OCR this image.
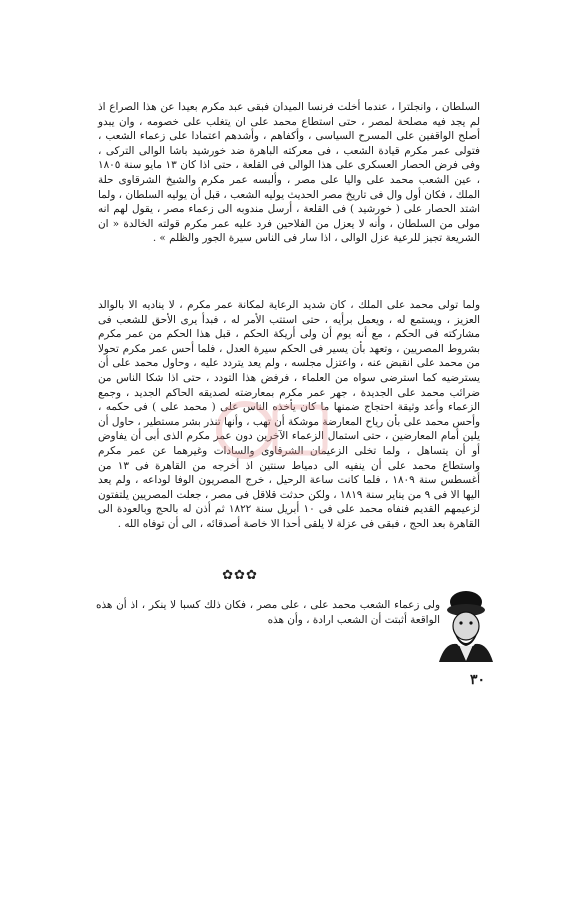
السلطان ، وانجلترا ، عندما أخلت فرنسا الميدان فبقى عبد مكرم بعيدا عن هذا الصراع اذ لم يجد فيه مصلحة لمصر ، حتى استطاع محمد على ان يتغلب على خصومه ، وان يبدو أصلح الواقفين على المسرح السياسى ، وأكفاهم ، وأشدهم اعتمادا على زعماء الشعب ، فتولى عمر مكرم قيادة الشعب ، فى معركته الباهرة ضد خورشيد باشا الوالى التركى ، وفى فرض الحصار العسكرى على هذا الوالى فى القلعة ، حتى اذا كان ١٣ مايو سنة ١٨٠٥ ، عين الشعب محمد على واليا على مصر ، وألبسه عمر مكرم والشيخ الشرقاوى حلة الملك ، فكان أول وال فى تاريخ مصر الحديث يوليه الشعب ، قبل أن يوليه السلطان ، ولما اشتد الحصار على ( خورشيد ) فى القلعة ، أرسل مندوبه الى زعماء مصر ، يقول لهم انه مولى من السلطان ، وأنه لا يعزل من الفلاحين فرد عليه عمر مكرم قولته الخالدة « ان الشريعة تجيز للرعية عزل الوالى ، اذا سار فى الناس سيرة الجور والظلم » .

ولما تولى محمد على الملك ، كان شديد الرعاية لمكانة عمر مكرم ، لا يناديه الا بالوالد العزيز ، ويستمع له ، ويعمل برأيه ، حتى استتب الأمر له ، فبدأ يرى الأحق للشعب فى مشاركته فى الحكم ، مع أنه يوم أن ولى أريكة الحكم ، قبل هذا الحكم من عمر مكرم بشروط المصريين ، وتعهد بأن يسير فى الحكم سيرة العدل ، فلما أحس عمر مكرم تحولا من محمد على انقبض عنه ، واعتزل مجلسه ، ولم يعد يتردد عليه ، وحاول محمد على أن يسترضيه كما استرضى سواه من العلماء ، فرفض هذا التودد ، حتى اذا شكا الناس من ضرائب محمد على الجديدة ، جهر عمر مكرم بمعارضته لصديقه الحاكم الجديد ، وجمع الزعماء وأعد وثيقة احتجاج ضمنها ما كان يأخذه الناس على ( محمد على ) فى حكمه ، وأحس محمد على بأن رياح المعارضة موشكة أن تهب ، وأنها تنذر بشر مستطير ، حاول أن يلين أمام المعارضين ، حتى استمال الزعماء الآخرين دون عمر مكرم الذى أبى أن يفاوض أو أن يتساهل ، ولما تخلى الزعيمان الشرقاوى والسادات وغيرهما عن عمر مكرم واستطاع محمد على أن ينفيه الى دمياط سنتين اذ أخرجه من القاهرة فى ١٣ من أغسطس سنة ١٨٠٩ ، فلما كانت ساعة الرحيل ، خرج المصريون الوفا لوداعه ، ولم يعد اليها الا فى ٩ من يناير سنة ١٨١٩ ، ولكن حدثت قلاقل فى مصر ، جعلت المصريين يلتفتون لزعيمهم القديم فنفاه محمد على فى ١٠ أبريل سنة ١٨٢٢ ثم أذن له بالحج وبالعودة الى القاهرة بعد الحج ، فبقى فى عزلة لا يلقى أحدا الا خاصة أصدقائه ، الى أن توفاه الله .

✿✿✿

ولى زعماء الشعب محمد على ، على مصر ، فكان ذلك كسبا لا ينكر ، اذ أن هذه الواقعة أثبتت أن الشعب ارادة ، وأن هذه

٣٠
